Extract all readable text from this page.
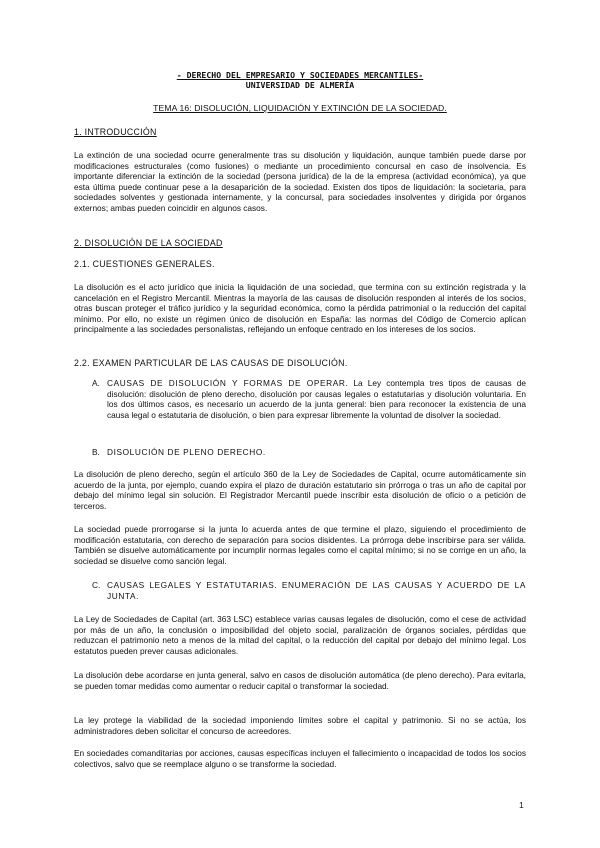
- DERECHO DEL EMPRESARIO Y SOCIEDADES MERCANTILES-
UNIVERSIDAD DE ALMERÍA
TEMA 16: DISOLUCIÓN, LIQUIDACIÓN Y EXTINCIÓN DE LA SOCIEDAD.
1. INTRODUCCIÓN

La extinción de una sociedad ocurre generalmente tras su disolución y liquidación, aunque también puede darse por modificaciones estructurales (como fusiones) o mediante un procedimiento concursal en caso de insolvencia. Es importante diferenciar la extinción de la sociedad (persona jurídica) de la de la empresa (actividad económica), ya que esta última puede continuar pese a la desaparición de la sociedad. Existen dos tipos de liquidación: la societaria, para sociedades solventes y gestionada internamente, y la concursal, para sociedades insolventes y dirigida por órganos externos; ambas pueden coincidir en algunos casos.

2. DISOLUCIÓN DE LA SOCIEDAD
2.1. CUESTIONES GENERALES.

La disolución es el acto jurídico que inicia la liquidación de una sociedad, que termina con su extinción registrada y la cancelación en el Registro Mercantil. Mientras la mayoría de las causas de disolución responden al interés de los socios, otras buscan proteger el tráfico jurídico y la seguridad económica, como la pérdida patrimonial o la reducción del capital mínimo. Por ello, no existe un régimen único de disolución en España: las normas del Código de Comercio aplican principalmente a las sociedades personalistas, reflejando un enfoque centrado en los intereses de los socios.

2.2. EXAMEN PARTICULAR DE LAS CAUSAS DE DISOLUCIÓN.
A. CAUSAS DE DISOLUCIÓN Y FORMAS DE OPERAR. La Ley contempla tres tipos de causas de disolución: disolución de pleno derecho, disolución por causas legales o estatutarias y disolución voluntaria. En los dos últimos casos, es necesario un acuerdo de la junta general: bien para reconocer la existencia de una causa legal o estatutaria de disolución, o bien para expresar libremente la voluntad de disolver la sociedad.
B. DISOLUCIÓN DE PLENO DERECHO.

La disolución de pleno derecho, según el artículo 360 de la Ley de Sociedades de Capital, ocurre automáticamente sin acuerdo de la junta, por ejemplo, cuando expira el plazo de duración estatutario sin prórroga o tras un año de capital por debajo del mínimo legal sin solución. El Registrador Mercantil puede inscribir esta disolución de oficio o a petición de terceros.

La sociedad puede prorrogarse si la junta lo acuerda antes de que termine el plazo, siguiendo el procedimiento de modificación estatutaria, con derecho de separación para socios disidentes. La prórroga debe inscribirse para ser válida. También se disuelve automáticamente por incumplir normas legales como el capital mínimo; si no se corrige en un año, la sociedad se disuelve como sanción legal.

C. CAUSAS LEGALES Y ESTATUTARIAS. ENUMERACIÓN DE LAS CAUSAS Y ACUERDO DE LA JUNTA.

La Ley de Sociedades de Capital (art. 363 LSC) establece varias causas legales de disolución, como el cese de actividad por más de un año, la conclusión o imposibilidad del objeto social, paralización de órganos sociales, pérdidas que reduzcan el patrimonio neto a menos de la mitad del capital, o la reducción del capital por debajo del mínimo legal. Los estatutos pueden prever causas adicionales.

La disolución debe acordarse en junta general, salvo en casos de disolución automática (de pleno derecho). Para evitarla, se pueden tomar medidas como aumentar o reducir capital o transformar la sociedad.

La ley protege la viabilidad de la sociedad imponiendo límites sobre el capital y patrimonio. Si no se actúa, los administradores deben solicitar el concurso de acreedores.

En sociedades comanditarias por acciones, causas específicas incluyen el fallecimiento o incapacidad de todos los socios colectivos, salvo que se reemplace alguno o se transforme la sociedad.

1
